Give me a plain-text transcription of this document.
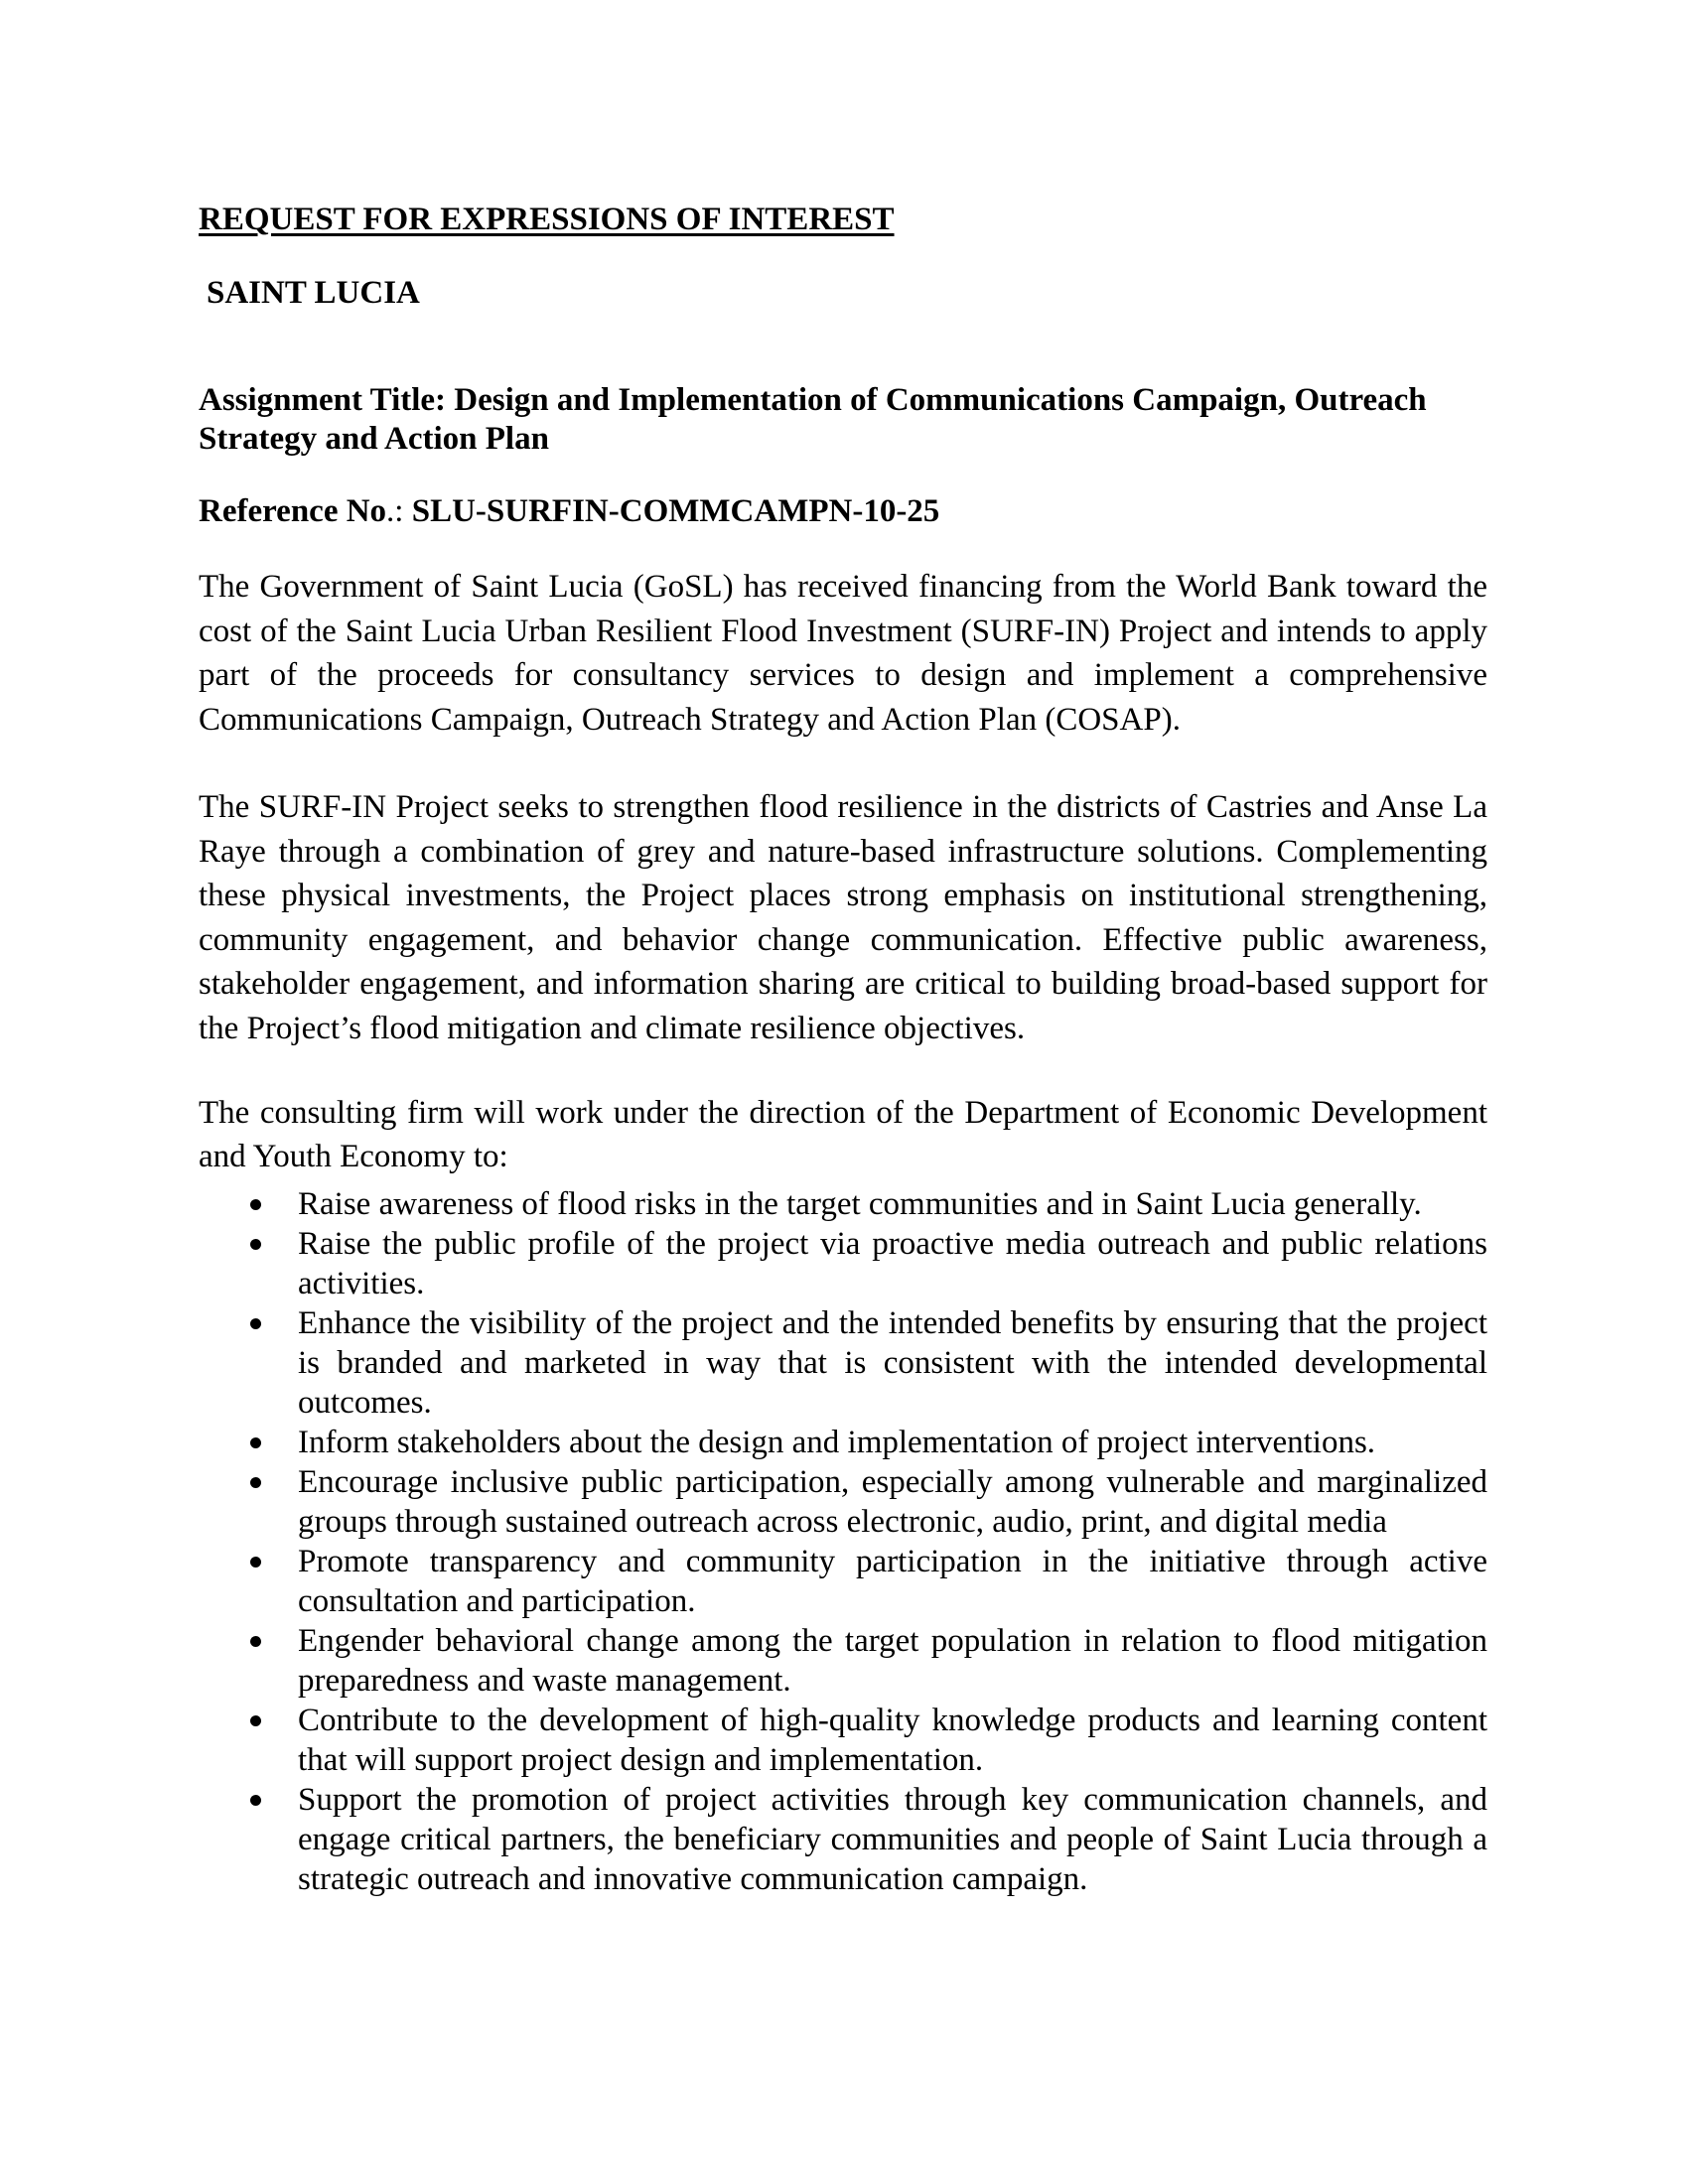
REQUEST FOR EXPRESSIONS OF INTEREST
SAINT LUCIA
Assignment Title: Design and Implementation of Communications Campaign, Outreach Strategy and Action Plan
Reference No.: SLU-SURFIN-COMMCAMPN-10-25

The Government of Saint Lucia (GoSL) has received financing from the World Bank toward the cost of the Saint Lucia Urban Resilient Flood Investment (SURF-IN) Project and intends to apply part of the proceeds for consultancy services to design and implement a comprehensive Communications Campaign, Outreach Strategy and Action Plan (COSAP).

The SURF-IN Project seeks to strengthen flood resilience in the districts of Castries and Anse La Raye through a combination of grey and nature-based infrastructure solutions. Complementing these physical investments, the Project places strong emphasis on institutional strengthening, community engagement, and behavior change communication. Effective public awareness, stakeholder engagement, and information sharing are critical to building broad-based support for the Project’s flood mitigation and climate resilience objectives.

The consulting firm will work under the direction of the Department of Economic Development and Youth Economy to:

Raise awareness of flood risks in the target communities and in Saint Lucia generally.
Raise the public profile of the project via proactive media outreach and public relations activities.
Enhance the visibility of the project and the intended benefits by ensuring that the project is branded and marketed in way that is consistent with the intended developmental outcomes.
Inform stakeholders about the design and implementation of project interventions.
Encourage inclusive public participation, especially among vulnerable and marginalized groups through sustained outreach across electronic, audio, print, and digital media
Promote transparency and community participation in the initiative through active consultation and participation.
Engender behavioral change among the target population in relation to flood mitigation preparedness and waste management.
Contribute to the development of high-quality knowledge products and learning content that will support project design and implementation.
Support the promotion of project activities through key communication channels, and engage critical partners, the beneficiary communities and people of Saint Lucia through a strategic outreach and innovative communication campaign.
